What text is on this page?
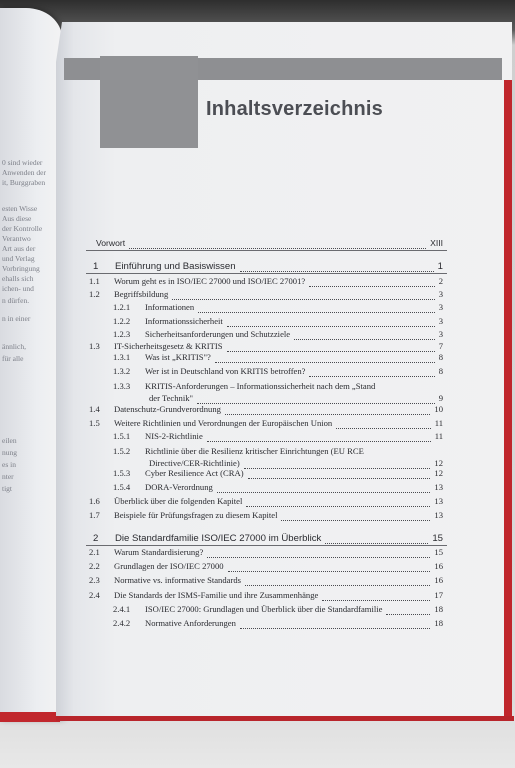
0 sind wieder
Anwenden der
it, Burggraben
esten Wisse
Aus diese
der Kontrolle
Verantwo
Art aus der
und Verlag
Vorbringung
ehalls sich
ichen- und
n dürfen.
n in einer
ännlich,
für alle
eilen
nung
es in
nter
tigt
Inhaltsverzeichnis
Vorwort	XIII
1 Einführung und Basiswissen	1
1.1 Worum geht es in ISO/IEC 27000 und ISO/IEC 27001?	2
1.2 Begriffsbildung	3
1.2.1 Informationen	3
1.2.2 Informationssicherheit	3
1.2.3 Sicherheitsanforderungen und Schutzziele	3
1.3 IT-Sicherheitsgesetz & KRITIS	7
1.3.1 Was ist „KRITIS"?	8
1.3.2 Wer ist in Deutschland von KRITIS betroffen?	8
1.3.3 KRITIS-Anforderungen – Informationssicherheit nach dem „Stand
der Technik"	9
1.4 Datenschutz-Grundverordnung	10
1.5 Weitere Richtlinien und Verordnungen der Europäischen Union	11
1.5.1 NIS-2-Richtlinie	11
1.5.2 Richtlinie über die Resilienz kritischer Einrichtungen (EU RCE
Directive/CER-Richtlinie)	12
1.5.3 Cyber Resilience Act (CRA)	12
1.5.4 DORA-Verordnung	13
1.6 Überblick über die folgenden Kapitel	13
1.7 Beispiele für Prüfungsfragen zu diesem Kapitel	13
2 Die Standardfamilie ISO/IEC 27000 im Überblick	15
2.1 Warum Standardisierung?	15
2.2 Grundlagen der ISO/IEC 27000	16
2.3 Normative vs. informative Standards	16
2.4 Die Standards der ISMS-Familie und ihre Zusammenhänge	17
2.4.1 ISO/IEC 27000: Grundlagen und Überblick über die Standardfamilie	18
2.4.2 Normative Anforderungen	18
